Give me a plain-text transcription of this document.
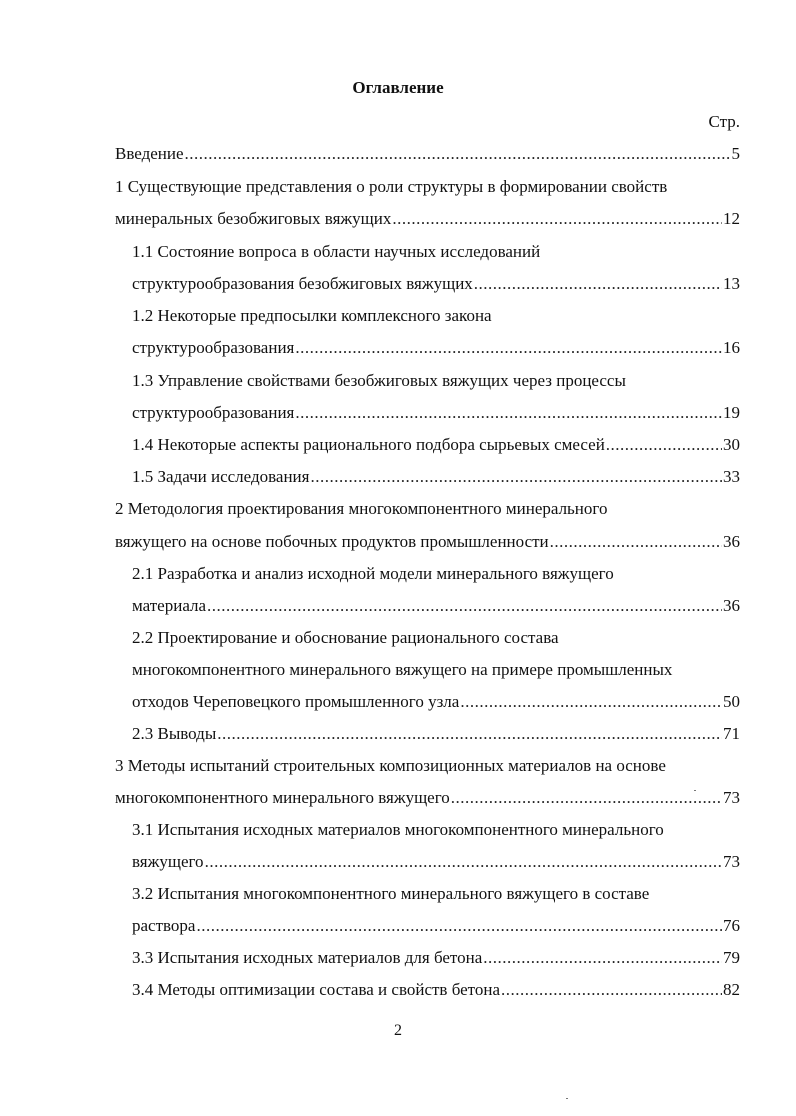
Оглавление
Стр.
Введение .....	5
1 Существующие представления о роли структуры в формировании свойств
минеральных безобжиговых вяжущих .....	12
1.1 Состояние вопроса в области научных исследований
структурообразования безобжиговых вяжущих .....	13
1.2 Некоторые предпосылки комплексного закона
структурообразования .....	16
1.3 Управление свойствами безобжиговых вяжущих через процессы
структурообразования .....	19
1.4 Некоторые аспекты рационального подбора сырьевых смесей .....	30
1.5 Задачи исследования .....	33
2 Методология проектирования многокомпонентного минерального
вяжущего на основе побочных продуктов промышленности .....	36
2.1 Разработка и анализ исходной модели минерального вяжущего
материала .....	36
2.2 Проектирование и обоснование рационального состава
многокомпонентного минерального вяжущего на примере промышленных
отходов Череповецкого промышленного узла .....	50
2.3 Выводы .....	71
3 Методы испытаний строительных композиционных материалов на основе
многокомпонентного минерального вяжущего .....	73
3.1 Испытания исходных материалов многокомпонентного минерального
вяжущего .....	73
3.2 Испытания многокомпонентного минерального вяжущего в составе
раствора .....	76
3.3 Испытания исходных материалов для бетона .....	79
3.4 Методы оптимизации состава и свойств бетона .....	82
2
